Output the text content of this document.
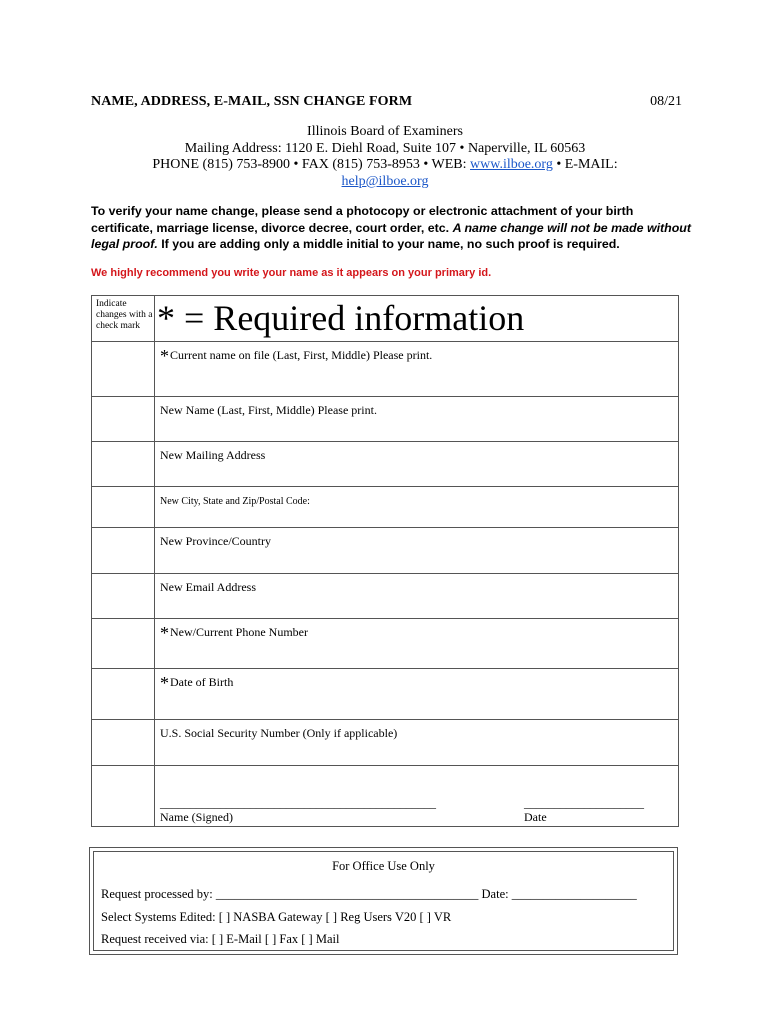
NAME, ADDRESS, E-MAIL, SSN CHANGE FORM	08/21
Illinois Board of Examiners
Mailing Address: 1120 E. Diehl Road, Suite 107 • Naperville, IL 60563
PHONE (815) 753-8900 • FAX (815) 753-8953 • WEB: www.ilboe.org • E-MAIL:
help@ilboe.org
To verify your name change, please send a photocopy or electronic attachment of your birth certificate, marriage license, divorce decree, court order, etc. A name change will not be made without legal proof. If you are adding only a middle initial to your name, no such proof is required.
We highly recommend you write your name as it appears on your primary id.
Indicate changes with a check mark	* = Required information

	*Current name on file (Last, First, Middle) Please print.
	New Name (Last, First, Middle) Please print.
	New Mailing Address
	New City, State and Zip/Postal Code:
	New Province/Country
	New Email Address
	*New/Current Phone Number
	*Date of Birth
	U.S. Social Security Number (Only if applicable)

	______________________________________________ ____________________
Name (Signed) Date
For Office Use Only
Request processed by: __________________________________________ Date: ____________________
Select Systems Edited: [ ] NASBA Gateway [ ] Reg Users V20 [ ] VR
Request received via: [ ] E-Mail [ ] Fax [ ] Mail
